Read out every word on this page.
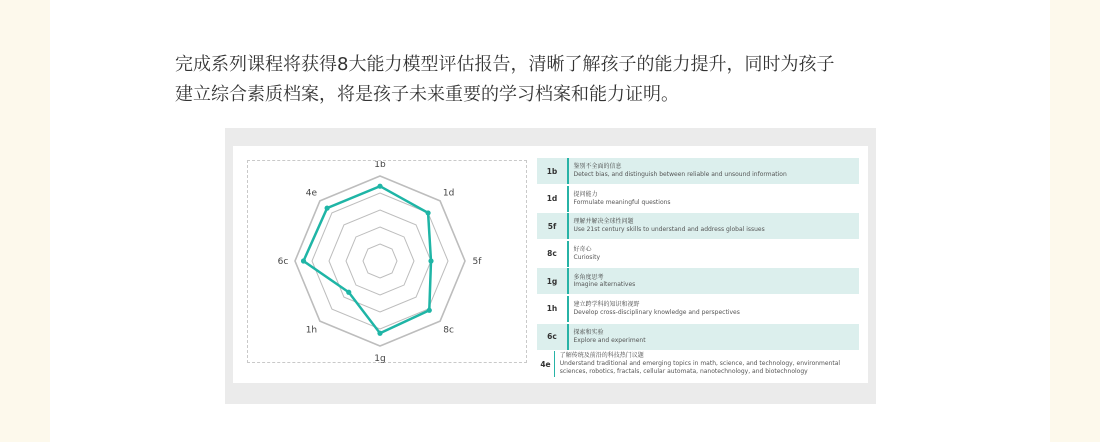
完成系列课程将获得8大能力模型评估报告，清晰了解孩子的能力提升，同时为孩子
建立综合素质档案，将是孩子未来重要的学习档案和能力证明。

1b
1d
5f
8c
1g
1h
6c
4e
1b	鉴别不全面的信息
Detect bias, and distinguish between reliable and unsound information
1d	提问能力
Formulate meaningful questions
5f	理解并解决全球性问题
Use 21st century skills to understand and address global issues
8c	好奇心
Curiosity
1g	多角度思考
Imagine alternatives
1h	建立跨学科的知识和视野
Develop cross-disciplinary knowledge and perspectives
6c	探索和实验
Explore and experiment
4e
了解传统及前沿的科技热门议题
Understand traditional and emerging topics in math, science, and technology, environmental sciences, robotics, fractals, cellular automata, nanotechnology, and biotechnology
